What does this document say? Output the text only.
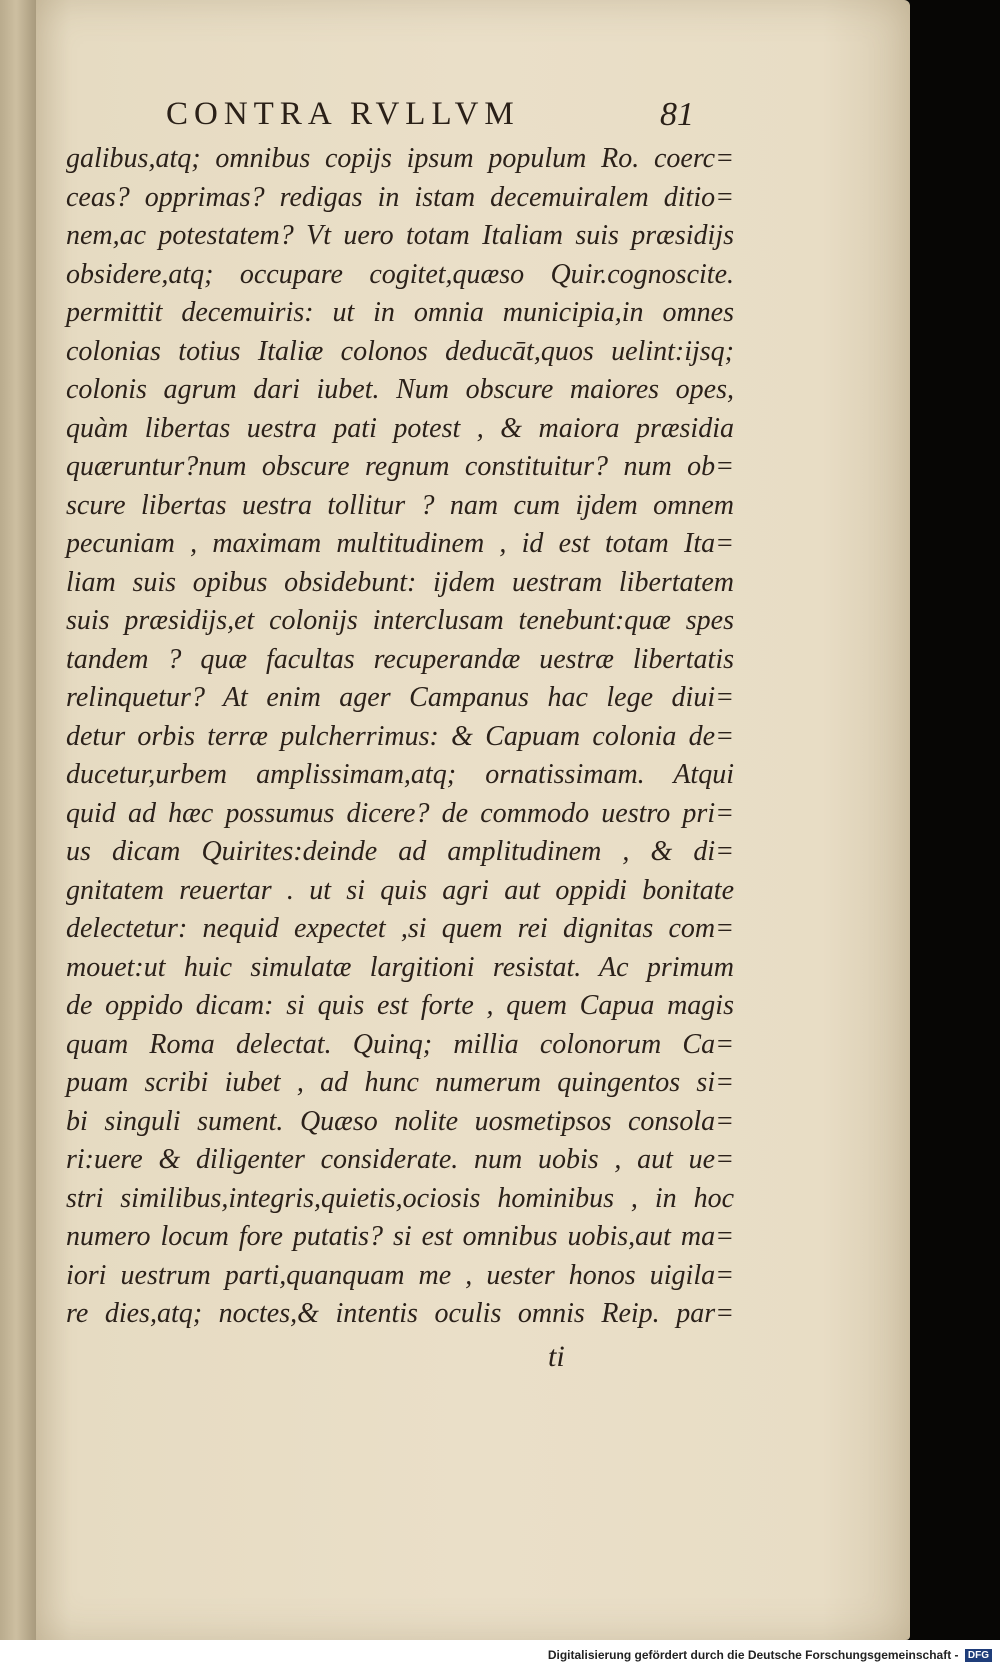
CONTRA RVLLVM	81
galibus,atq; omnibus copijs ipsum populum Ro. coerc=
ceas? opprimas? redigas in istam decemuiralem ditio=
nem,ac potestatem? Vt uero totam Italiam suis præsidijs
obsidere,atq; occupare cogitet,quæso Quir.cognoscite.
permittit decemuiris: ut in omnia municipia,in omnes
colonias totius Italiæ colonos deducāt,quos uelint:ijsq;
colonis agrum dari iubet. Num obscure maiores opes,
quàm libertas uestra pati potest , & maiora præsidia
quæruntur?num obscure regnum constituitur? num ob=
scure libertas uestra tollitur ? nam cum ijdem omnem
pecuniam , maximam multitudinem , id est totam Ita=
liam suis opibus obsidebunt: ijdem uestram libertatem
suis præsidijs,et colonijs interclusam tenebunt:quæ spes
tandem ? quæ facultas recuperandæ uestræ libertatis
relinquetur? At enim ager Campanus hac lege diui=
detur orbis terræ pulcherrimus: & Capuam colonia de=
ducetur,urbem amplissimam,atq; ornatissimam. Atqui
quid ad hæc possumus dicere? de commodo uestro pri=
us dicam Quirites:deinde ad amplitudinem , & di=
gnitatem reuertar . ut si quis agri aut oppidi bonitate
delectetur: nequid expectet ,si quem rei dignitas com=
mouet:ut huic simulatæ largitioni resistat. Ac primum
de oppido dicam: si quis est forte , quem Capua magis
quam Roma delectat. Quinq; millia colonorum Ca=
puam scribi iubet , ad hunc numerum quingentos si=
bi singuli sument. Quæso nolite uosmetipsos consola=
ri:uere & diligenter considerate. num uobis , aut ue=
stri similibus,integris,quietis,ociosis hominibus , in hoc
numero locum fore putatis? si est omnibus uobis,aut ma=
iori uestrum parti,quanquam me , uester honos uigila=
re dies,atq; noctes,& intentis oculis omnis Reip. par=
ti
Digitalisierung gefördert durch die Deutsche Forschungsgemeinschaft - DFG
